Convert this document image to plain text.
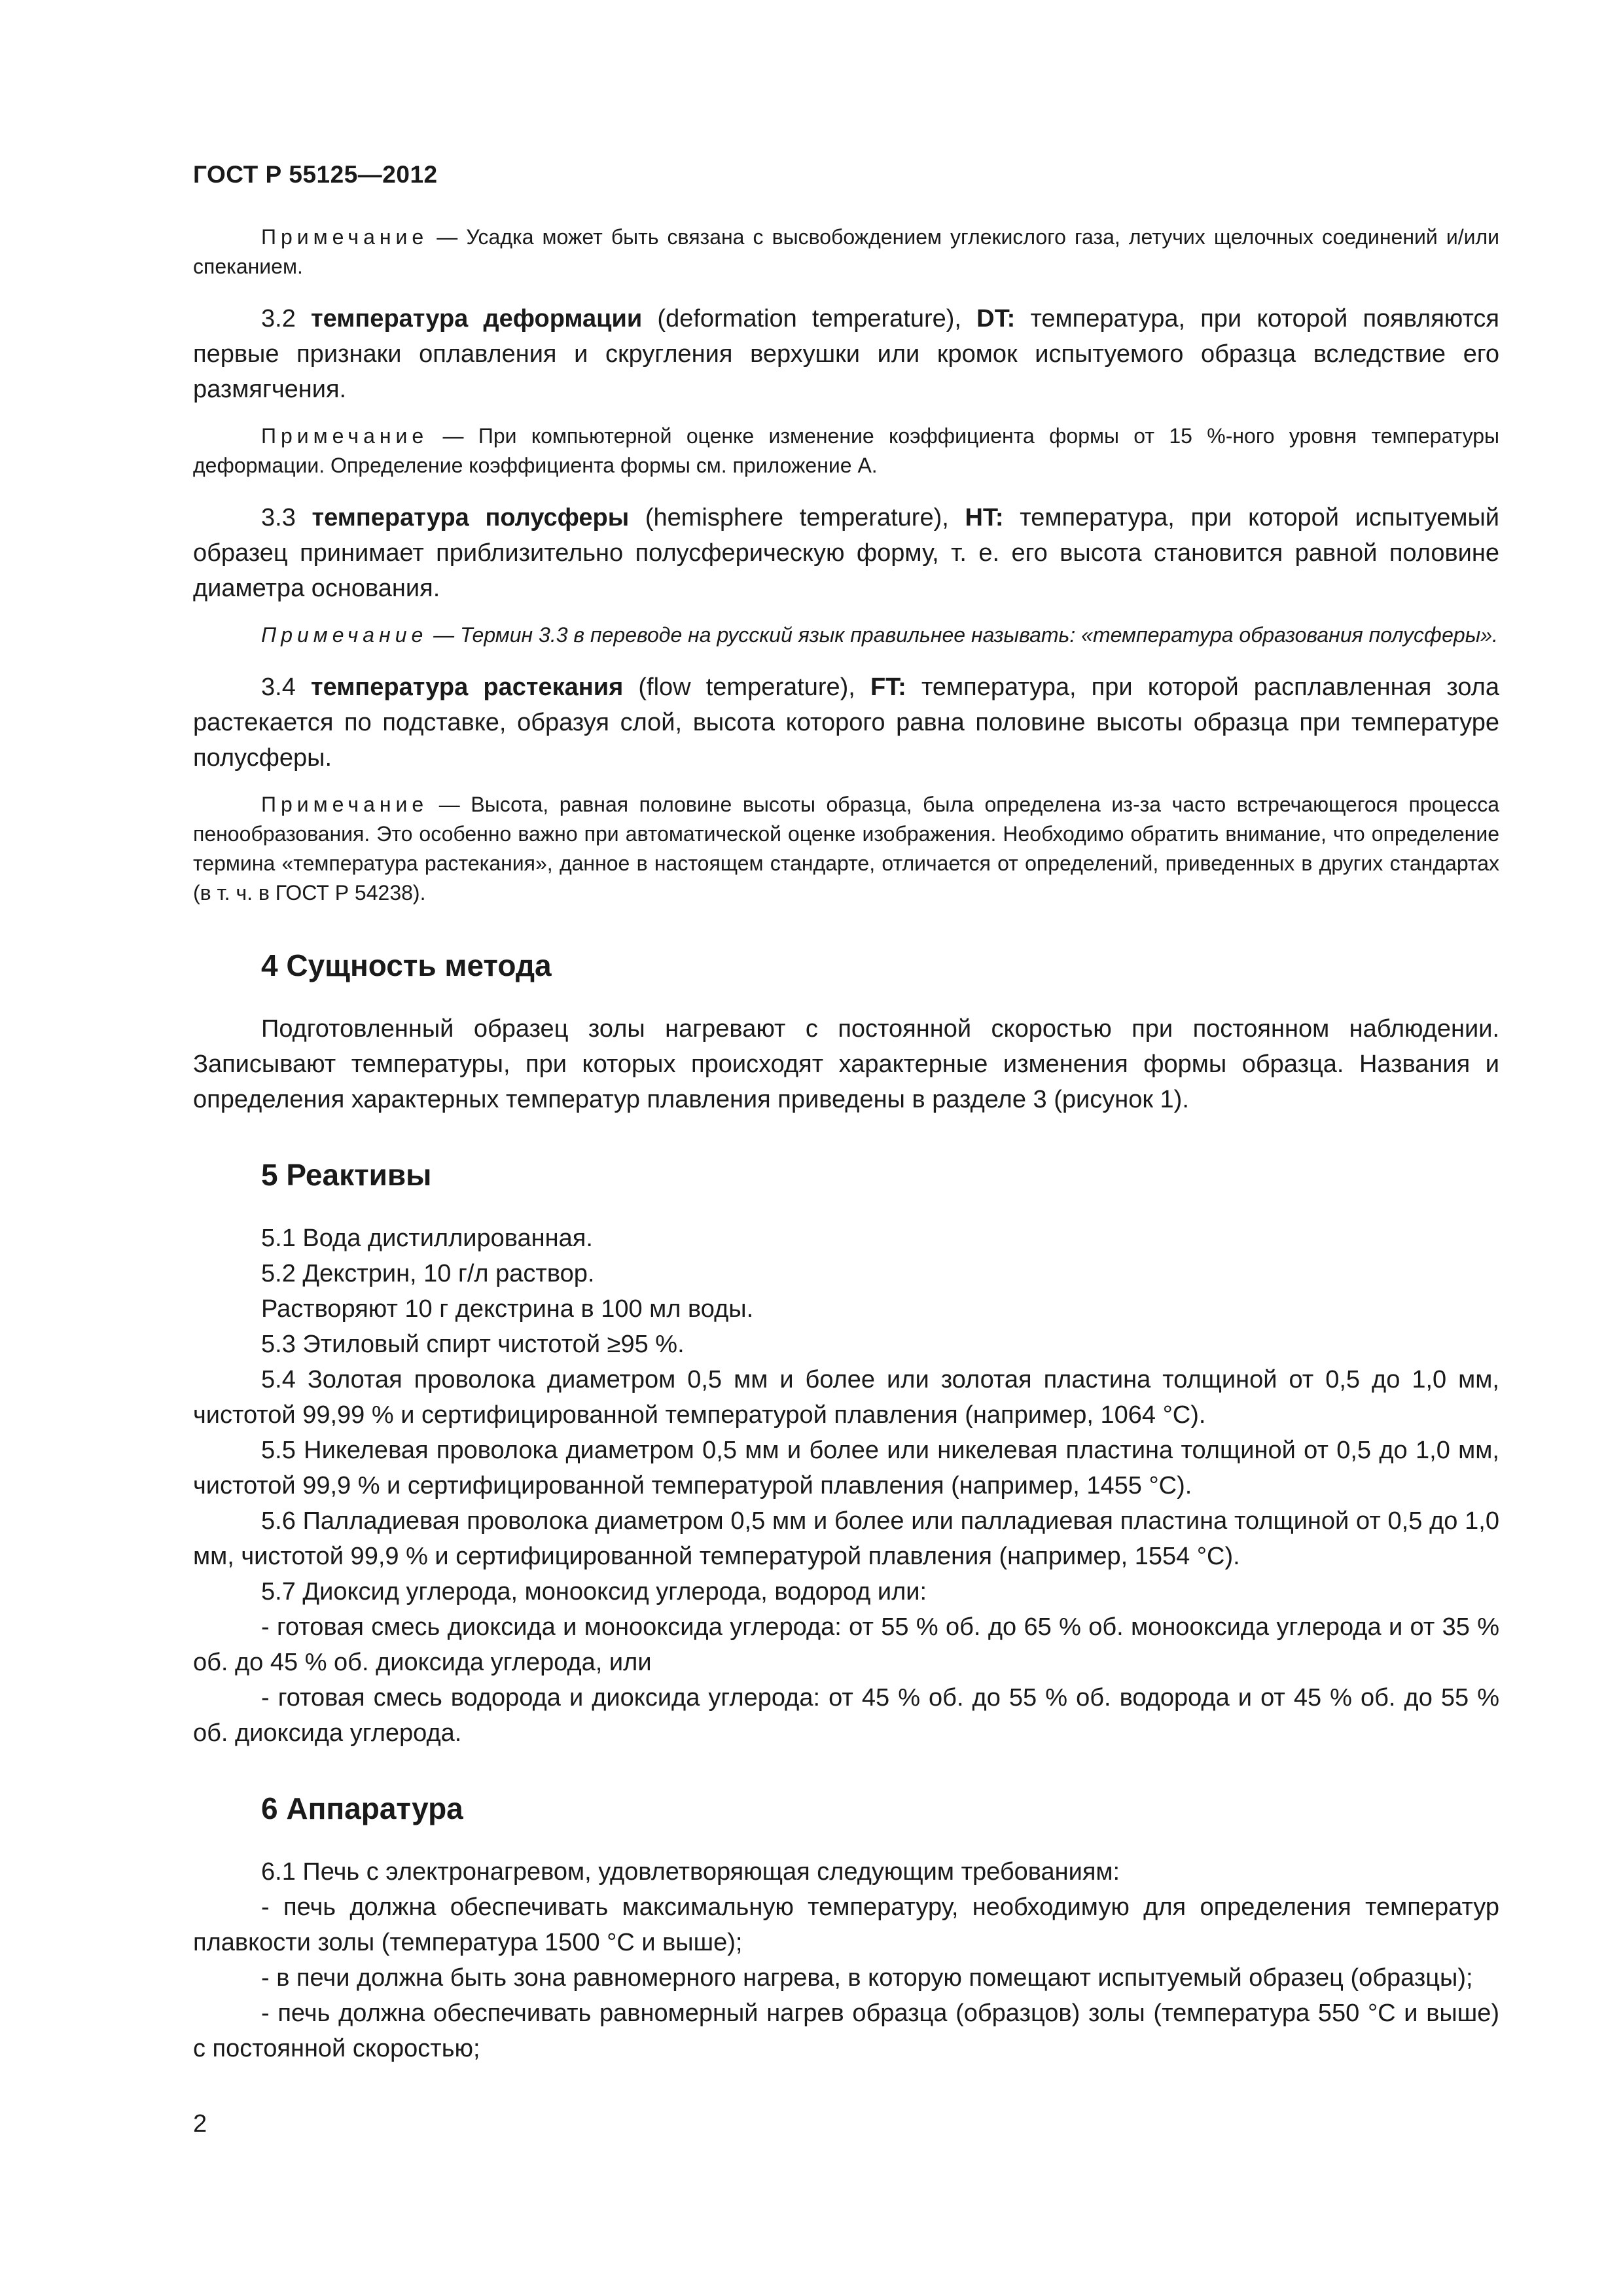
ГОСТ Р 55125—2012

Примечание — Усадка может быть связана с высвобождением углекислого газа, летучих щелочных соединений и/или спеканием.

3.2 температура деформации (deformation temperature), DT: температура, при которой появляются первые признаки оплавления и скругления верхушки или кромок испытуемого образца вследствие его размягчения.

Примечание — При компьютерной оценке изменение коэффициента формы от 15 %-ного уровня температуры деформации. Определение коэффициента формы см. приложение А.

3.3 температура полусферы (hemisphere temperature), HT: температура, при которой испытуемый образец принимает приблизительно полусферическую форму, т. е. его высота становится равной половине диаметра основания.

Примечание — Термин 3.3 в переводе на русский язык правильнее называть: «температура образования полусферы».

3.4 температура растекания (flow temperature), FT: температура, при которой расплавленная зола растекается по подставке, образуя слой, высота которого равна половине высоты образца при температуре полусферы.

Примечание — Высота, равная половине высоты образца, была определена из-за часто встречающегося процесса пенообразования. Это особенно важно при автоматической оценке изображения. Необходимо обратить внимание, что определение термина «температура растекания», данное в настоящем стандарте, отличается от определений, приведенных в других стандартах (в т. ч. в ГОСТ Р 54238).

4 Сущность метода

Подготовленный образец золы нагревают с постоянной скоростью при постоянном наблюдении. Записывают температуры, при которых происходят характерные изменения формы образца. Названия и определения характерных температур плавления приведены в разделе 3 (рисунок 1).

5 Реактивы

5.1 Вода дистиллированная.

5.2 Декстрин, 10 г/л раствор.

Растворяют 10 г декстрина в 100 мл воды.

5.3 Этиловый спирт чистотой ≥95 %.

5.4 Золотая проволока диаметром 0,5 мм и более или золотая пластина толщиной от 0,5 до 1,0 мм, чистотой 99,99 % и сертифицированной температурой плавления (например, 1064 °С).

5.5 Никелевая проволока диаметром 0,5 мм и более или никелевая пластина толщиной от 0,5 до 1,0 мм, чистотой 99,9 % и сертифицированной температурой плавления (например, 1455 °С).

5.6 Палладиевая проволока диаметром 0,5 мм и более или палладиевая пластина толщиной от 0,5 до 1,0 мм, чистотой 99,9 % и сертифицированной температурой плавления (например, 1554 °С).

5.7 Диоксид углерода, монооксид углерода, водород или:

- готовая смесь диоксида и монооксида углерода: от 55 % об. до 65 % об. монооксида углерода и от 35 % об. до 45 % об. диоксида углерода, или

- готовая смесь водорода и диоксида углерода: от 45 % об. до 55 % об. водорода и от 45 % об. до 55 % об. диоксида углерода.

6 Аппаратура

6.1 Печь с электронагревом, удовлетворяющая следующим требованиям:

- печь должна обеспечивать максимальную температуру, необходимую для определения температур плавкости золы (температура 1500 °С и выше);

- в печи должна быть зона равномерного нагрева, в которую помещают испытуемый образец (образцы);

- печь должна обеспечивать равномерный нагрев образца (образцов) золы (температура 550 °С и выше) с постоянной скоростью;

2
